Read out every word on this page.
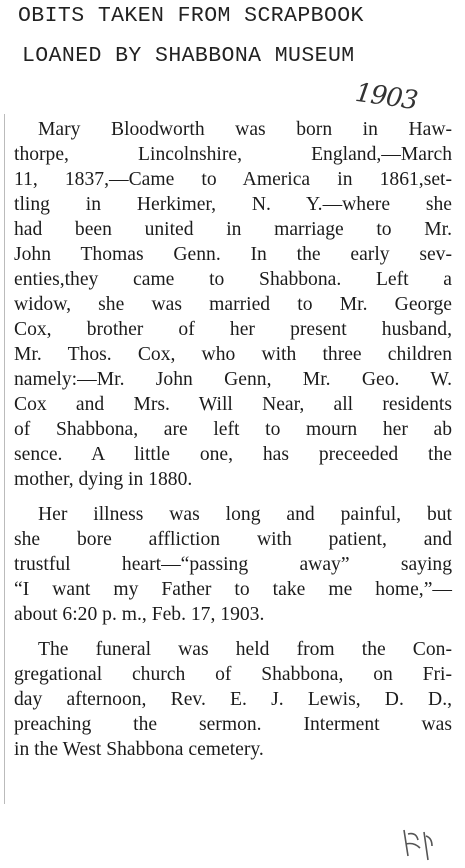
OBITS TAKEN FROM SCRAPBOOK
LOANED BY SHABBONA MUSEUM
1903
Mary Bloodworth was born in Haw-
thorpe, Lincolnshire, England,—March
11, 1837,—Came to America in 1861,set-
tling in Herkimer, N. Y.—where she
had been united in marriage to Mr.
John Thomas Genn. In the early sev-
enties,they came to Shabbona. Left a
widow, she was married to Mr. George
Cox, brother of her present husband,
Mr. Thos. Cox, who with three children
namely:—Mr. John Genn, Mr. Geo. W.
Cox and Mrs. Will Near, all residents
of Shabbona, are left to mourn her ab
sence. A little one, has preceeded the
mother, dying in 1880.
Her illness was long and painful, but
she bore affliction with patient, and
trustful heart—“passing away” saying
“I want my Father to take me home,”—
about 6:20 p. m., Feb. 17, 1903.
The funeral was held from the Con-
gregational church of Shabbona, on Fri-
day afternoon, Rev. E. J. Lewis, D. D.,
preaching the sermon. Interment was
in the West Shabbona cemetery.
